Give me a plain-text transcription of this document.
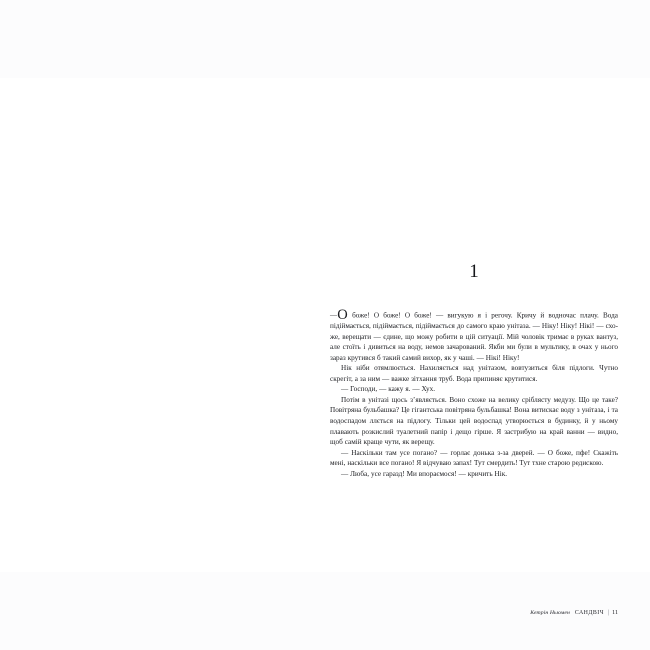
1

—О боже! О боже! О боже! — вигукую я і регочу. Кричу й водночас плачу. Вода підіймається, підіймається, підіймається до самого краю унітаза. — Ніку! Ніку! Нікі! — схоже, верещати — єдине, що можу робити в цій ситуації. Мій чоловік тримає в руках вантуз, але стоїть і дивиться на воду, немов зачарований. Якби ми були в мультику, в очах у нього зараз крутився б такий самий вихор, як у чаші. — Нікі! Ніку!

Нік ніби отямлюється. Нахиляється над унітазом, вовтузиться біля підлоги. Чутно скрегіт, а за ним — важке зітхання труб. Вода припиняє крутитися.

— Господи, — кажу я. — Хух.

Потім в унітазі щось з’являється. Воно схоже на велику сріблясту медузу. Що це таке? Повітряна бульбашка? Це гігантська повітряна бульбашка! Вона витискає воду з унітаза, і та водоспадом ллється на підлогу. Тільки цей водоспад утворюється в будинку, й у ньому плавають розкислий туалетний папір і дещо гірше. Я застрибую на край ванни — видно, щоб самій краще чути, як верещу.

— Наскільки там усе погано? — горлає донька з-за дверей. — О боже, пфе! Скажіть мені, наскільки все погано! Я відчуваю запах! Тут смердить! Тут тхне старою редискою.

— Люба, усе гаразд! Ми впораємося! — кричить Нік.

Кетрін Ньюмен САНДВІЧ | 11
